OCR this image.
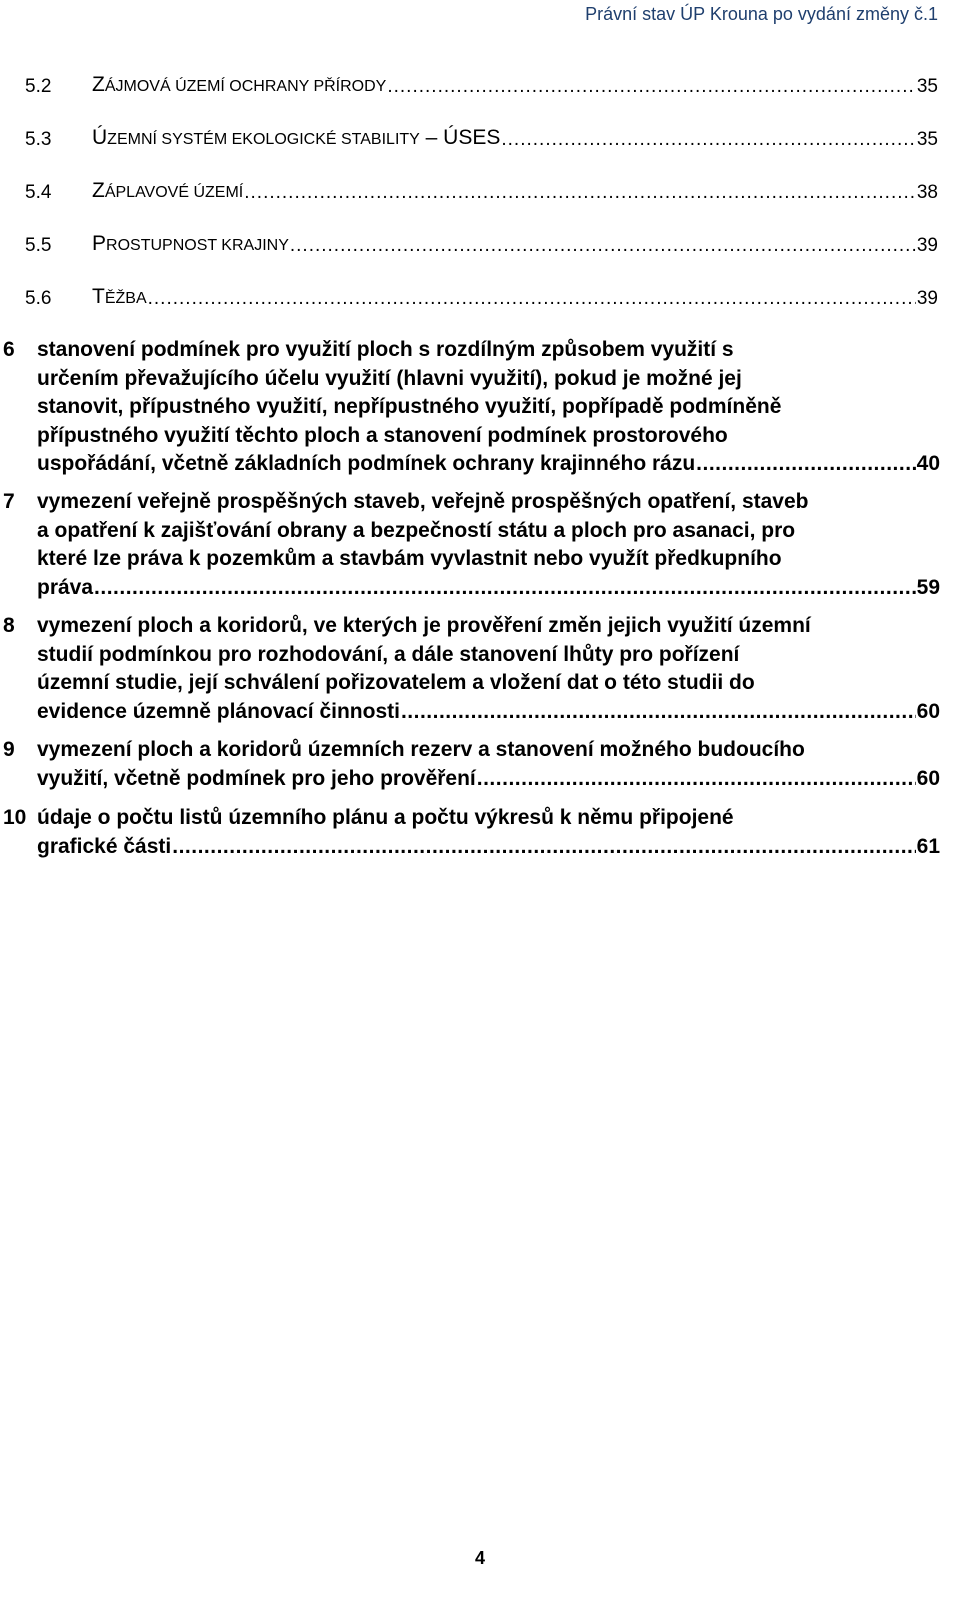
Právní stav ÚP Krouna po vydání změny č.1
5.2	ZÁJMOVÁ ÚZEMÍ OCHRANY PŘÍRODY .....	35
5.3	ÚZEMNÍ SYSTÉM EKOLOGICKÉ STABILITY – ÚSES .....	35
5.4	ZÁPLAVOVÉ ÚZEMÍ .....	38
5.5	PROSTUPNOST KRAJINY .....	39
5.6	TĚŽBA .....	39
6	stanovení podmínek pro využití ploch s rozdílným způsobem využití s
určením převažujícího účelu využití (hlavni využití), pokud je možné jej
stanovit, přípustného využití, nepřípustného využití, popřípadě podmíněně
přípustného využití těchto ploch a stanovení podmínek prostorového
uspořádání, včetně základních podmínek ochrany krajinného rázu .....	40
7	vymezení veřejně prospěšných staveb, veřejně prospěšných opatření, staveb
a opatření k zajišťování obrany a bezpečností státu a ploch pro asanaci, pro
které lze práva k pozemkům a stavbám vyvlastnit nebo využít předkupního
práva .....	59
8	vymezení ploch a koridorů, ve kterých je prověření změn jejich využití územní
studií podmínkou pro rozhodování, a dále stanovení lhůty pro pořízení
územní studie, její schválení pořizovatelem a vložení dat o této studii do
evidence územně plánovací činnosti .....	60
9	vymezení ploch a koridorů územních rezerv a stanovení možného budoucího
využití, včetně podmínek pro jeho prověření .....	60
10 údaje o počtu listů územního plánu a počtu výkresů k němu připojené
grafické části .....	61
4
